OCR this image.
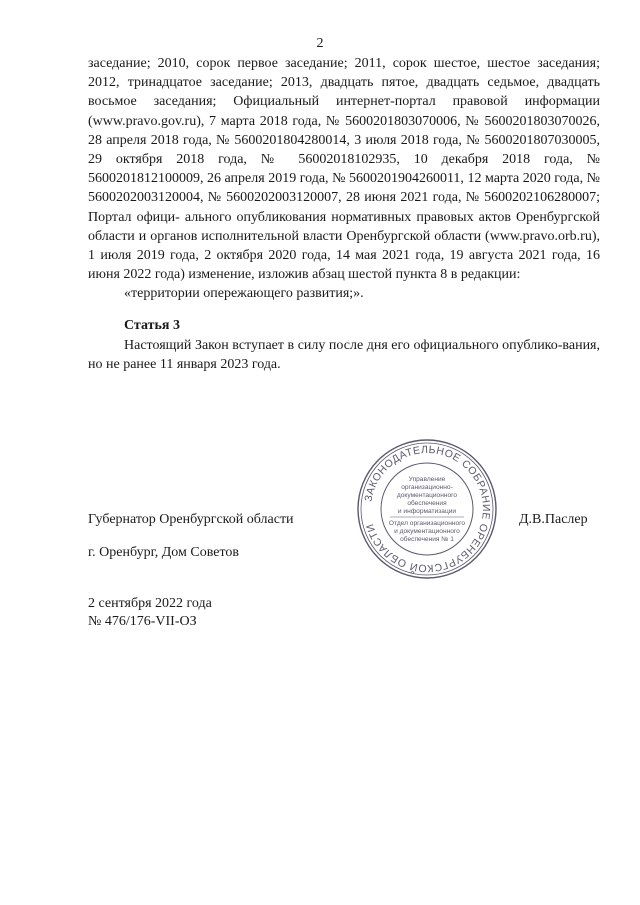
2

заседание; 2010, сорок первое заседание; 2011, сорок шестое, шестое заседания; 2012, тринадцатое заседание; 2013, двадцать пятое, двадцать седьмое, двадцать восьмое заседания; Официальный интернет-портал правовой информации (www.pravo.gov.ru), 7 марта 2018 года, № 5600201803070006, № 5600201803070026, 28 апреля 2018 года, № 5600201804280014, 3 июля 2018 года, № 5600201807030005, 29 октября 2018 года, № 5600201810293​5, 10 декабря 2018 года, № 5600201812100009, 26 апреля 2019 года, № 5600201904260011, 12 марта 2020 года, № 5600202003120004, № 5600202003120007, 28 июня 2021 года, № 5600202106280007; Портал офици- ального опубликования нормативных правовых актов Оренбургской области и органов исполнительной власти Оренбургской области (www.pravo.orb.ru), 1 июля 2019 года, 2 октября 2020 года, 14 мая 2021 года, 19 августа 2021 года, 16 июня 2022 года) изменение, изложив абзац шестой пункта 8 в редакции:

«территории опережающего развития;».

Статья 3
Настоящий Закон вступает в силу после дня его официального опублико-вания, но не ранее 11 января 2023 года.
ЗАКОНОДАТЕЛЬНОЕ СОБРАНИЕ ОРЕНБУРГСКОЙ ОБЛАСТИ
Управление
организационно-
документационного
обеспечения
и информатизации
Отдел организационного
и документационного
обеспечения № 1
Губернатор Оренбургской области	Д.В.Паслер
г. Оренбург, Дом Советов
2 сентября 2022 года
№ 476/176-VII-ОЗ
